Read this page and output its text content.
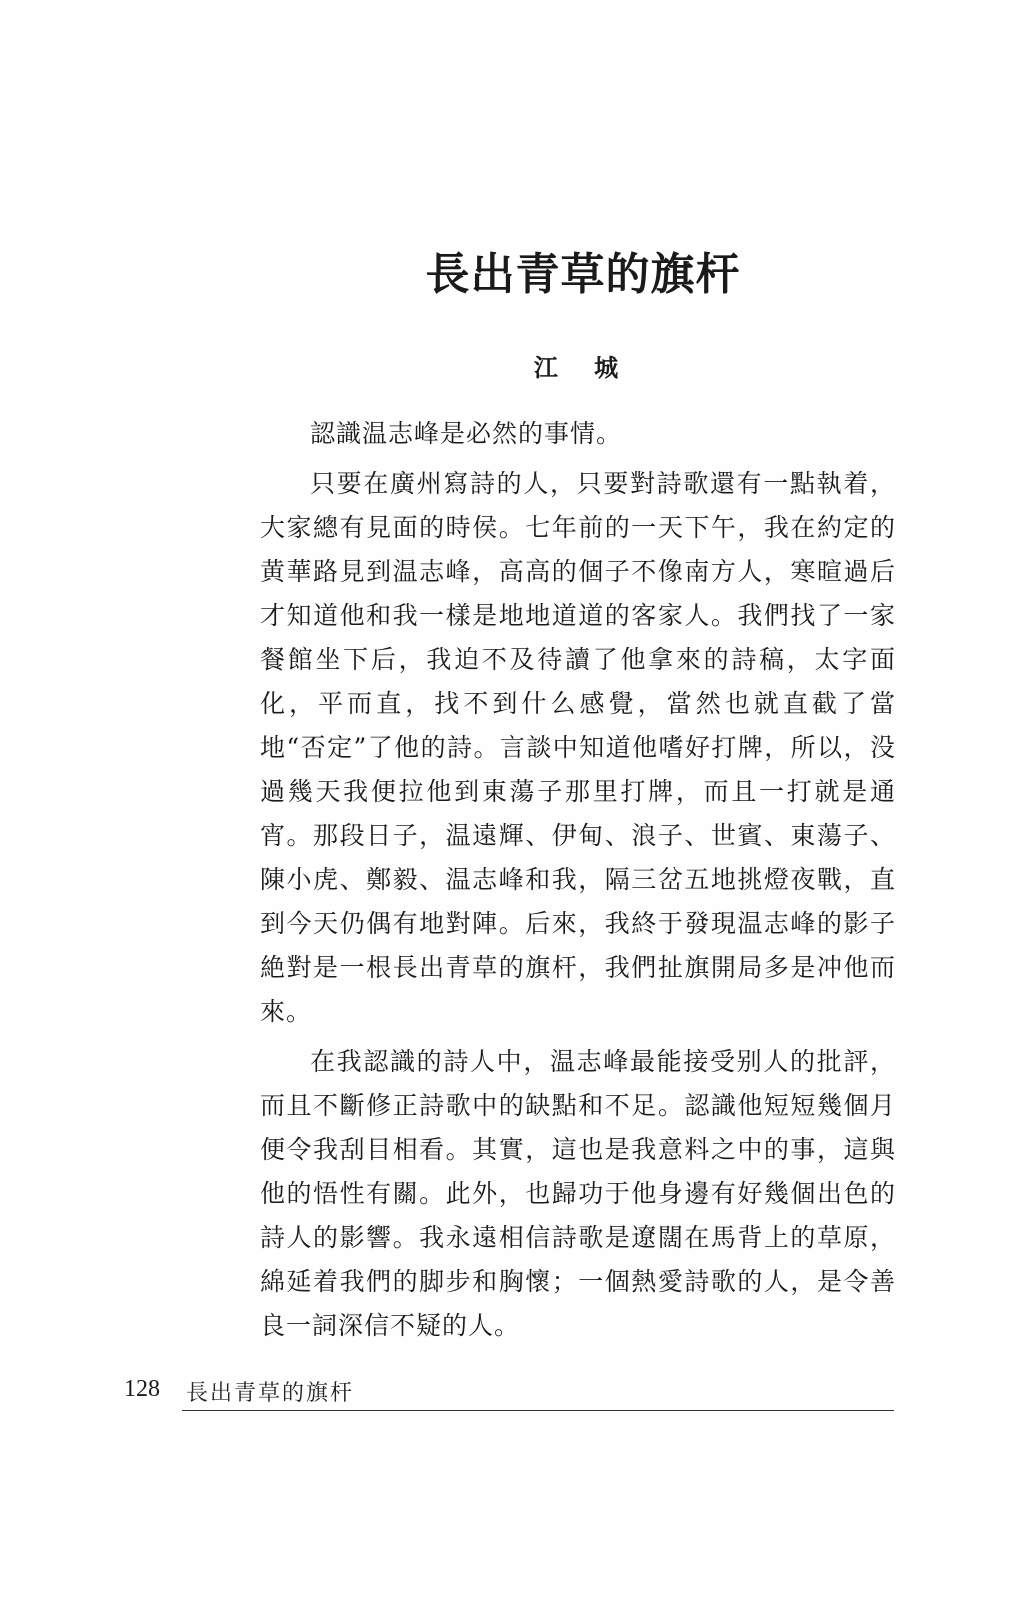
長出青草的旗杆
江 城

認識温志峰是必然的事情。

只要在廣州寫詩的人，只要對詩歌還有一點執着，大家總有見面的時侯。七年前的一天下午，我在約定的黄華路見到温志峰，高高的個子不像南方人，寒暄過后才知道他和我一樣是地地道道的客家人。我們找了一家餐館坐下后，我迫不及待讀了他拿來的詩稿，太字面化，平而直，找不到什么感覺，當然也就直截了當地“否定”了他的詩。言談中知道他嗜好打牌，所以，没過幾天我便拉他到東蕩子那里打牌，而且一打就是通宵。那段日子，温遠輝、伊甸、浪子、世賓、東蕩子、陳小虎、鄭毅、温志峰和我，隔三岔五地挑燈夜戰，直到今天仍偶有地對陣。后來，我終于發現温志峰的影子絶對是一根長出青草的旗杆，我們扯旗開局多是冲他而來。

在我認識的詩人中，温志峰最能接受别人的批評，而且不斷修正詩歌中的缺點和不足。認識他短短幾個月便令我刮目相看。其實，這也是我意料之中的事，這與他的悟性有關。此外，也歸功于他身邊有好幾個出色的詩人的影響。我永遠相信詩歌是遼闊在馬背上的草原，綿延着我們的脚步和胸懷；一個熱愛詩歌的人，是令善良一詞深信不疑的人。

128 長出青草的旗杆
